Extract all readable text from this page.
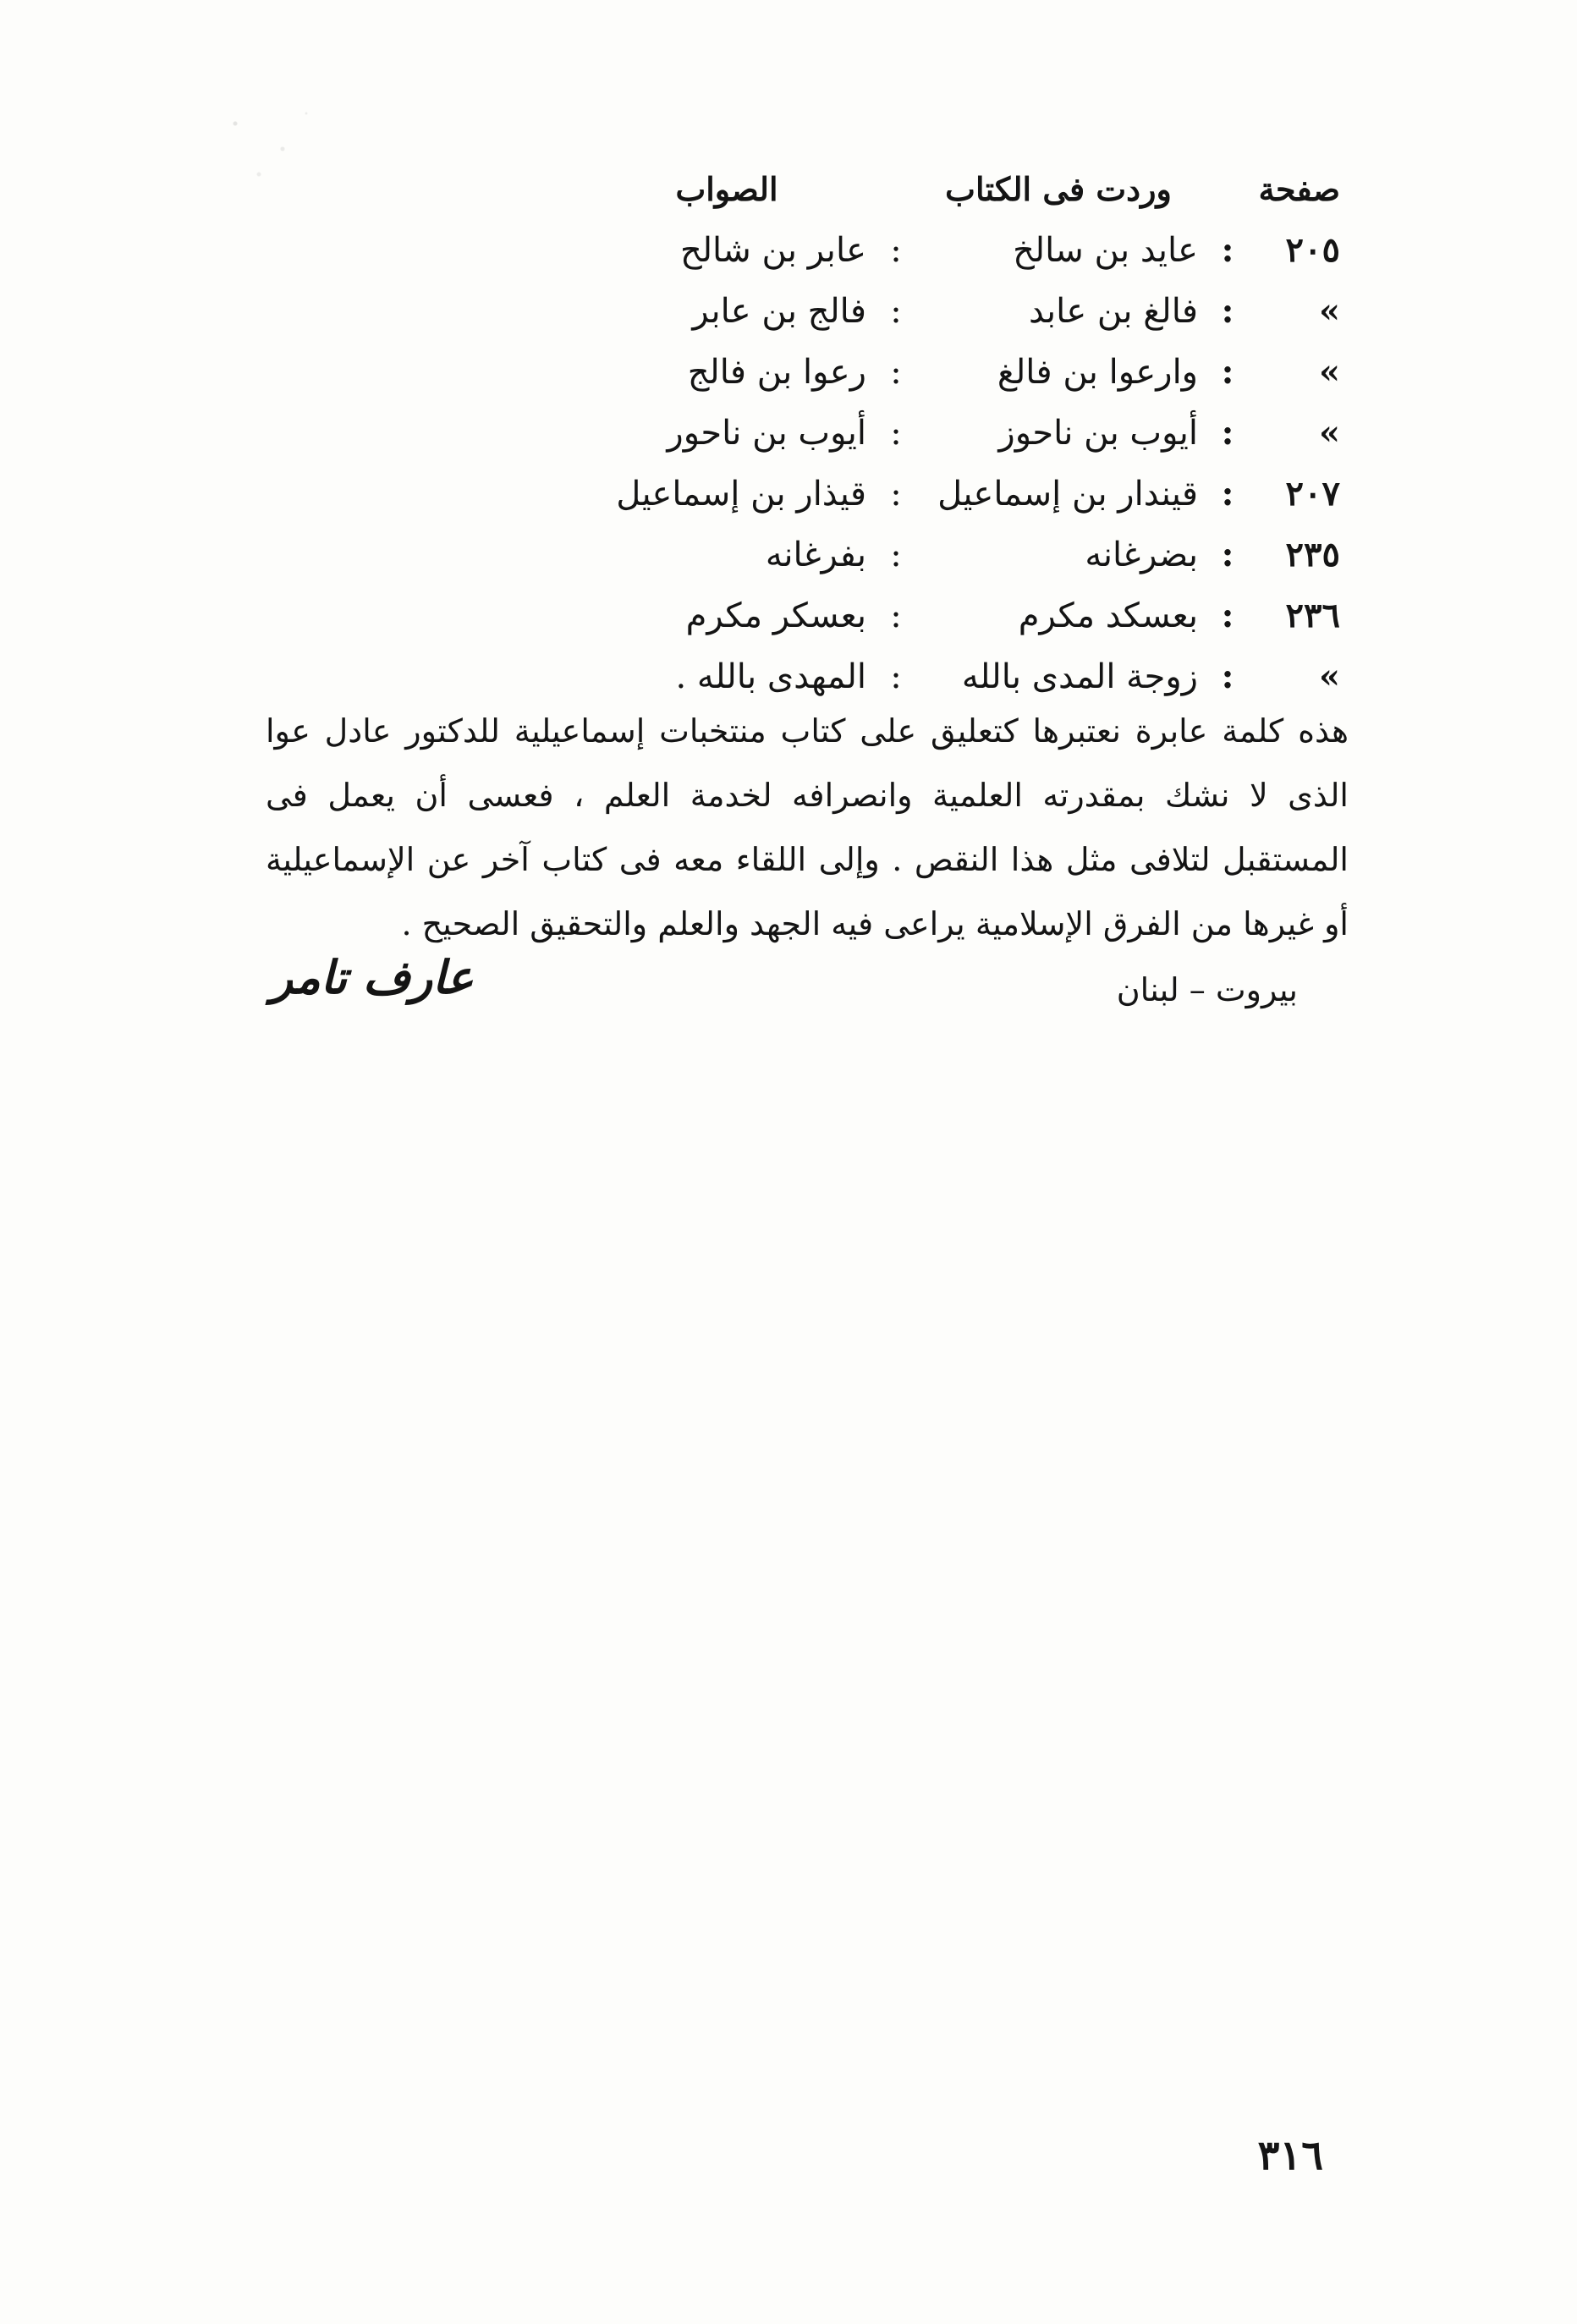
صفحة
وردت فى الكتاب
الصواب
٢٠٥
:
عايد بن سالخ
:
عابر بن شالح
»
:
فالغ بن عابد
:
فالج بن عابر
»
:
وارعوا بن فالغ
:
رعوا بن فالج
»
:
أيوب بن ناحوز
:
أيوب بن ناحور
٢٠٧
:
قيندار بن إسماعيل
:
قيذار بن إسماعيل
٢٣٥
:
بضرغانه
:
بفرغانه
٢٣٦
:
بعسكد مكرم
:
بعسكر مكرم
»
:
زوجة المدى بالله
:
المهدى بالله .
هذه كلمة عابرة نعتبرها كتعليق على كتاب منتخبات إسماعيلية للدكتور عادل عوا الذى لا نشك بمقدرته العلمية وانصرافه لخدمة العلم ، فعسى أن يعمل فى المستقبل لتلافى مثل هذا النقص . وإلى اللقاء معه فى كتاب آخر عن الإسماعيلية أو غيرها من الفرق الإسلامية يراعى فيه الجهد والعلم والتحقيق الصحيح .
بيروت – لبنان
عارف تامر
٣١٦
